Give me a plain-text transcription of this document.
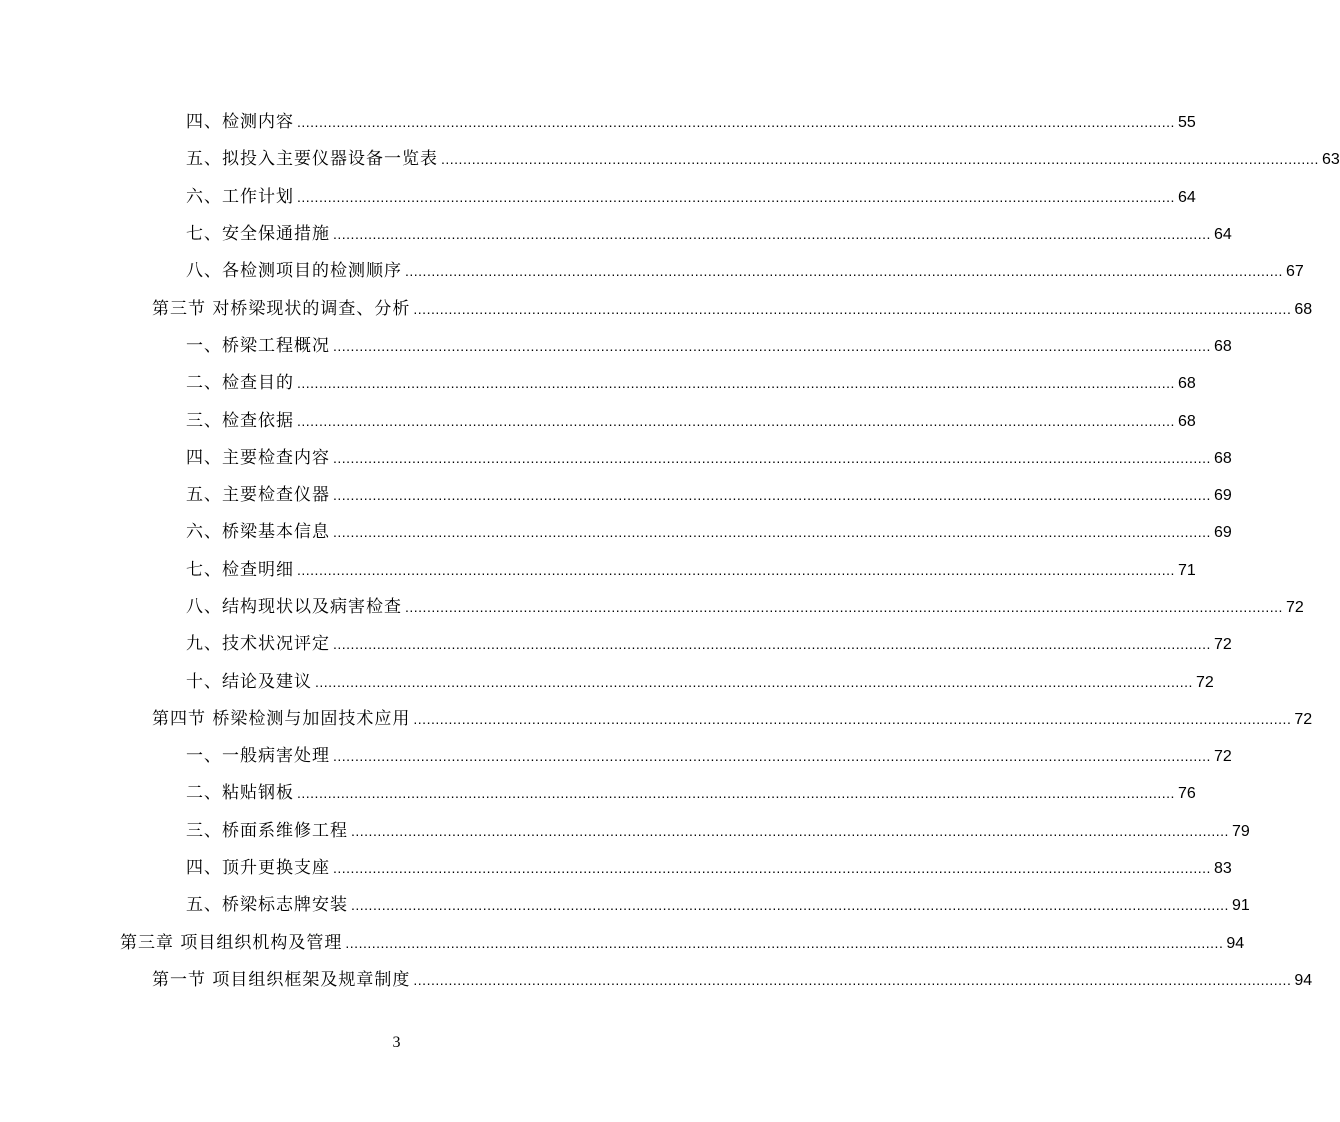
四、检测内容 ........................................................................................................................................................................................................ 55
五、拟投入主要仪器设备一览表 ........................................................................................................................................................................................................ 63
六、工作计划 ........................................................................................................................................................................................................ 64
七、安全保通措施 ........................................................................................................................................................................................................ 64
八、各检测项目的检测顺序 ........................................................................................................................................................................................................ 67
第三节 对桥梁现状的调查、分析 ........................................................................................................................................................................................................ 68
一、桥梁工程概况 ........................................................................................................................................................................................................ 68
二、检查目的 ........................................................................................................................................................................................................ 68
三、检查依据 ........................................................................................................................................................................................................ 68
四、主要检查内容 ........................................................................................................................................................................................................ 68
五、主要检查仪器 ........................................................................................................................................................................................................ 69
六、桥梁基本信息 ........................................................................................................................................................................................................ 69
七、检查明细 ........................................................................................................................................................................................................ 71
八、结构现状以及病害检查 ........................................................................................................................................................................................................ 72
九、技术状况评定 ........................................................................................................................................................................................................ 72
十、结论及建议 ........................................................................................................................................................................................................ 72
第四节 桥梁检测与加固技术应用 ........................................................................................................................................................................................................ 72
一、一般病害处理 ........................................................................................................................................................................................................ 72
二、粘贴钢板 ........................................................................................................................................................................................................ 76
三、桥面系维修工程 ........................................................................................................................................................................................................ 79
四、顶升更换支座 ........................................................................................................................................................................................................ 83
五、桥梁标志牌安装 ........................................................................................................................................................................................................ 91
第三章 项目组织机构及管理 ........................................................................................................................................................................................................ 94
第一节 项目组织框架及规章制度 ........................................................................................................................................................................................................ 94
3
